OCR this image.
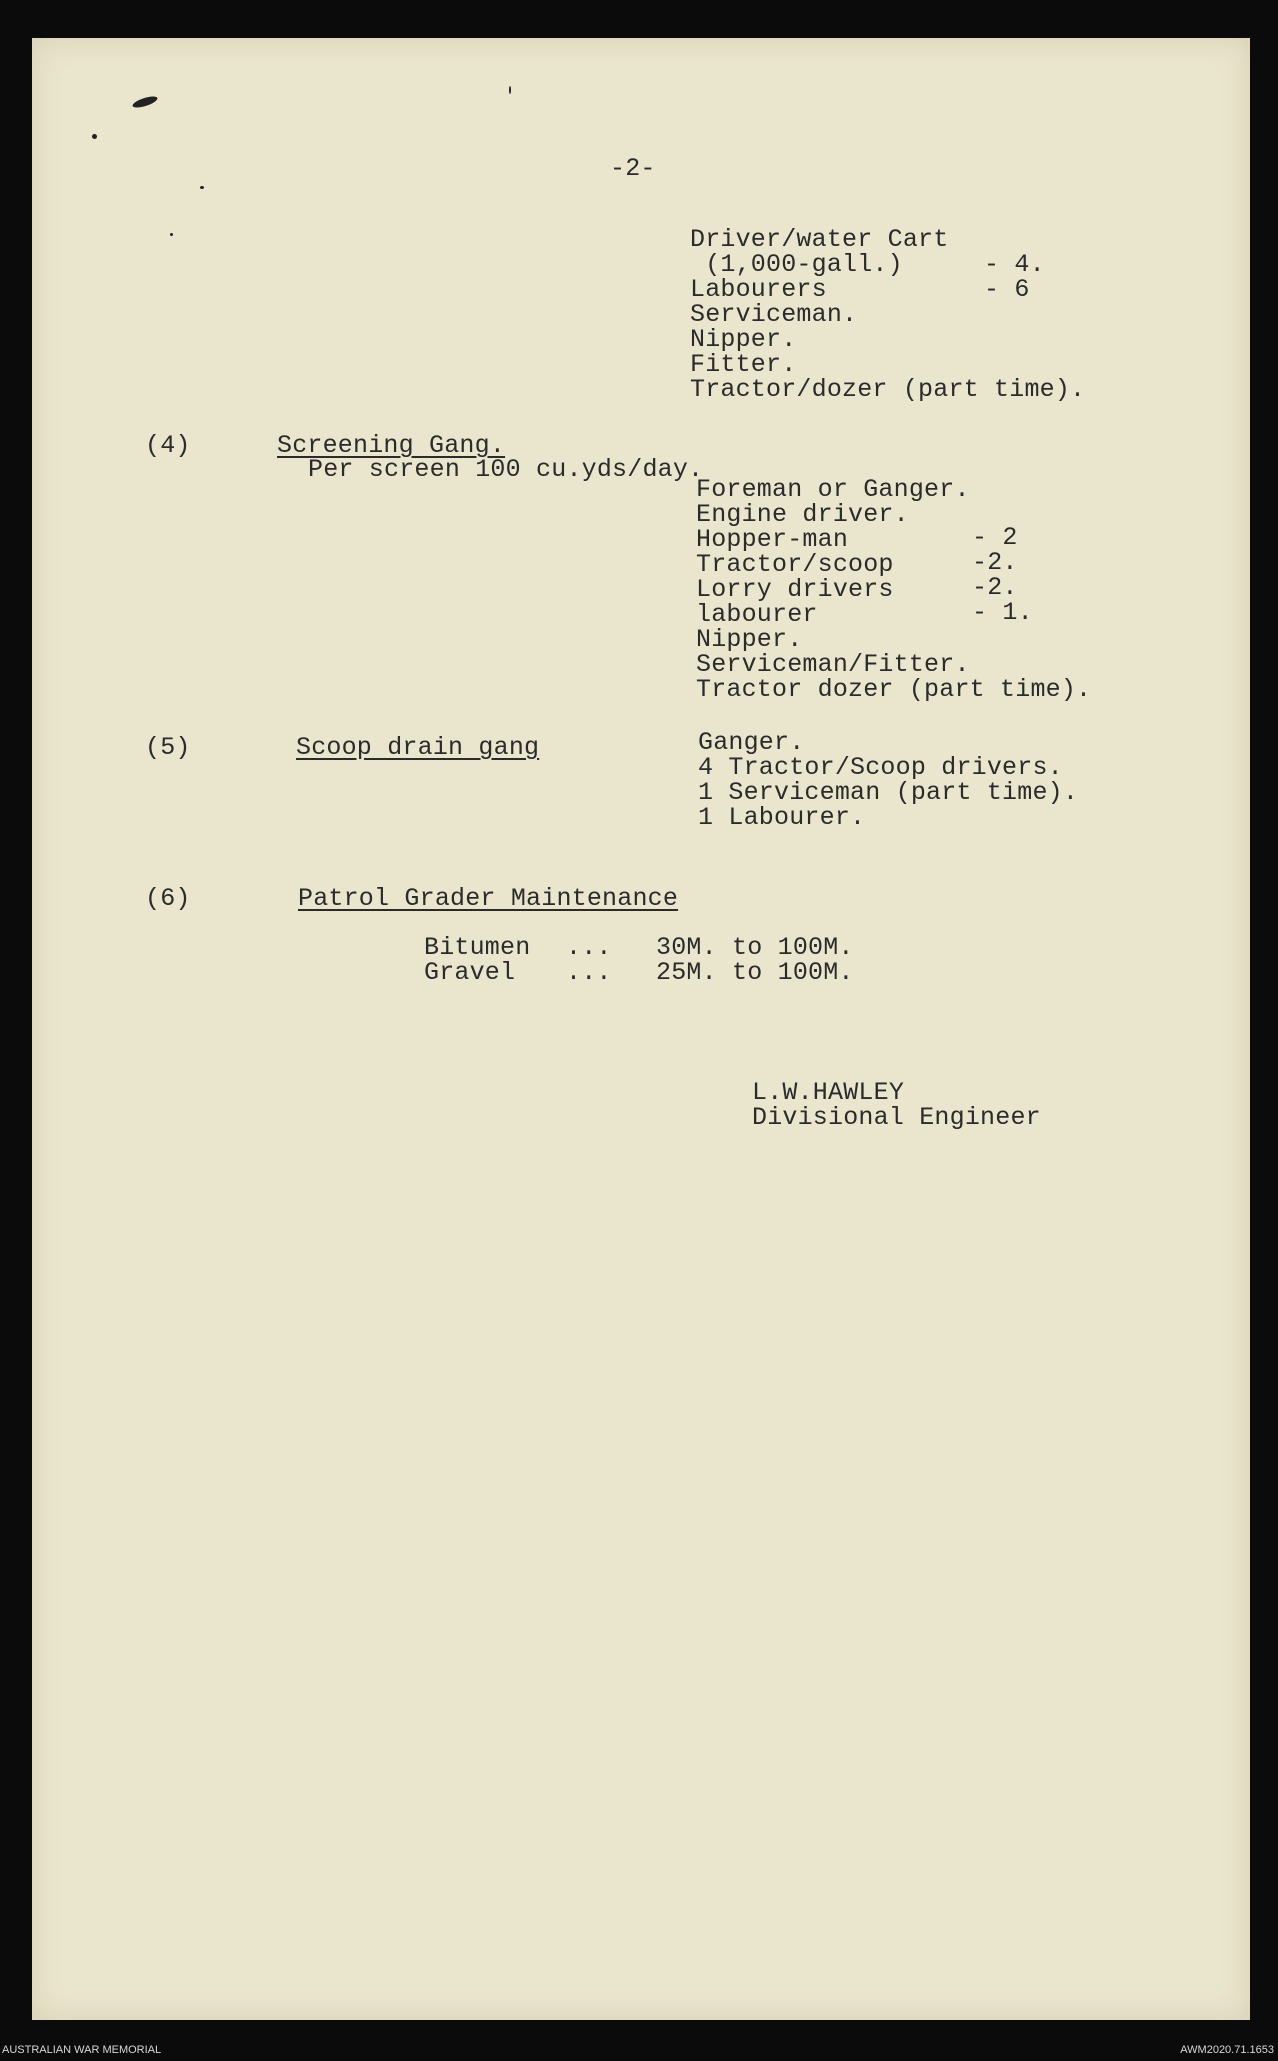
-2-
Driver/water Cart
(1,000-gall.)	- 4.
Labourers	- 6
Serviceman.
Nipper.
Fitter.
Tractor/dozer (part time).
(4)	Screening Gang.
Per screen 100 cu.yds/day.
Foreman or Ganger.
Engine driver.
Hopper-man	- 2
Tractor/scoop	-2.
Lorry drivers	-2.
labourer	- 1.
Nipper.
Serviceman/Fitter.
Tractor dozer (part time).
(5)	Scoop drain gang	Ganger.
4 Tractor/Scoop drivers.
1 Serviceman (part time).
1 Labourer.
(6)	Patrol Grader Maintenance
Bitumen ... 30M. to 100M.
Gravel ... 25M. to 100M.
L.W.HAWLEY
Divisional Engineer
AUSTRALIAN WAR MEMORIAL	AWM2020.71.1653
